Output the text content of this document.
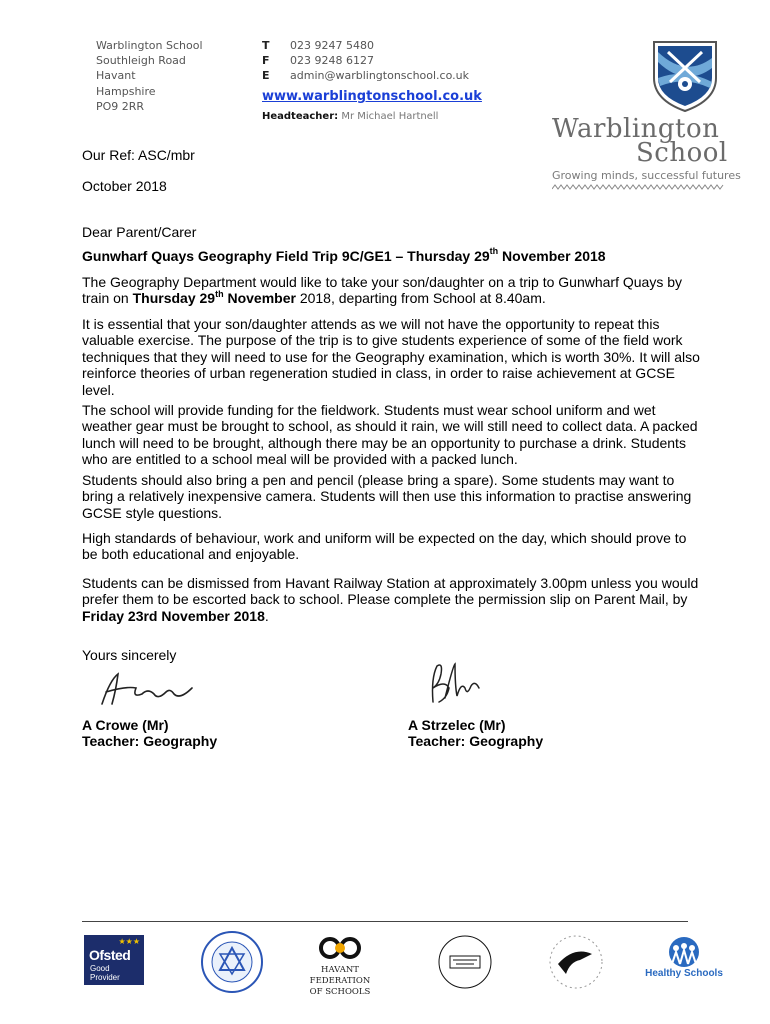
Warblington School
Southleigh Road
Havant
Hampshire
PO9 2RR
T 023 9247 5480
F 023 9248 6127
E admin@warblingtonschool.co.uk
www.warblingtonschool.co.uk
Headteacher: Mr Michael Hartnell	Warblington
School
Growing minds, successful futures
Our Ref: ASC/mbr
October 2018
Dear Parent/Carer
Gunwharf Quays Geography Field Trip 9C/GE1 – Thursday 29th November 2018
The Geography Department would like to take your son/daughter on a trip to Gunwharf Quays by train on Thursday 29th November 2018, departing from School at 8.40am.
It is essential that your son/daughter attends as we will not have the opportunity to repeat this valuable exercise. The purpose of the trip is to give students experience of some of the field work techniques that they will need to use for the Geography examination, which is worth 30%. It will also reinforce theories of urban regeneration studied in class, in order to raise achievement at GCSE level.
The school will provide funding for the fieldwork. Students must wear school uniform and wet weather gear must be brought to school, as should it rain, we will still need to collect data. A packed lunch will need to be brought, although there may be an opportunity to purchase a drink. Students who are entitled to a school meal will be provided with a packed lunch.
Students should also bring a pen and pencil (please bring a spare). Some students may want to bring a relatively inexpensive camera. Students will then use this information to practise answering GCSE style questions.
High standards of behaviour, work and uniform will be expected on the day, which should prove to be both educational and enjoyable.
Students can be dismissed from Havant Railway Station at approximately 3.00pm unless you would prefer them to be escorted back to school. Please complete the permission slip on Parent Mail, by Friday 23rd November 2018.
Yours sincerely
A Crowe (Mr)
Teacher: Geography
A Strzelec (Mr)
Teacher: Geography
★★★
Ofsted
Good
Provider
HAVANT FEDERATION
OF SCHOOLS
Healthy Schools
